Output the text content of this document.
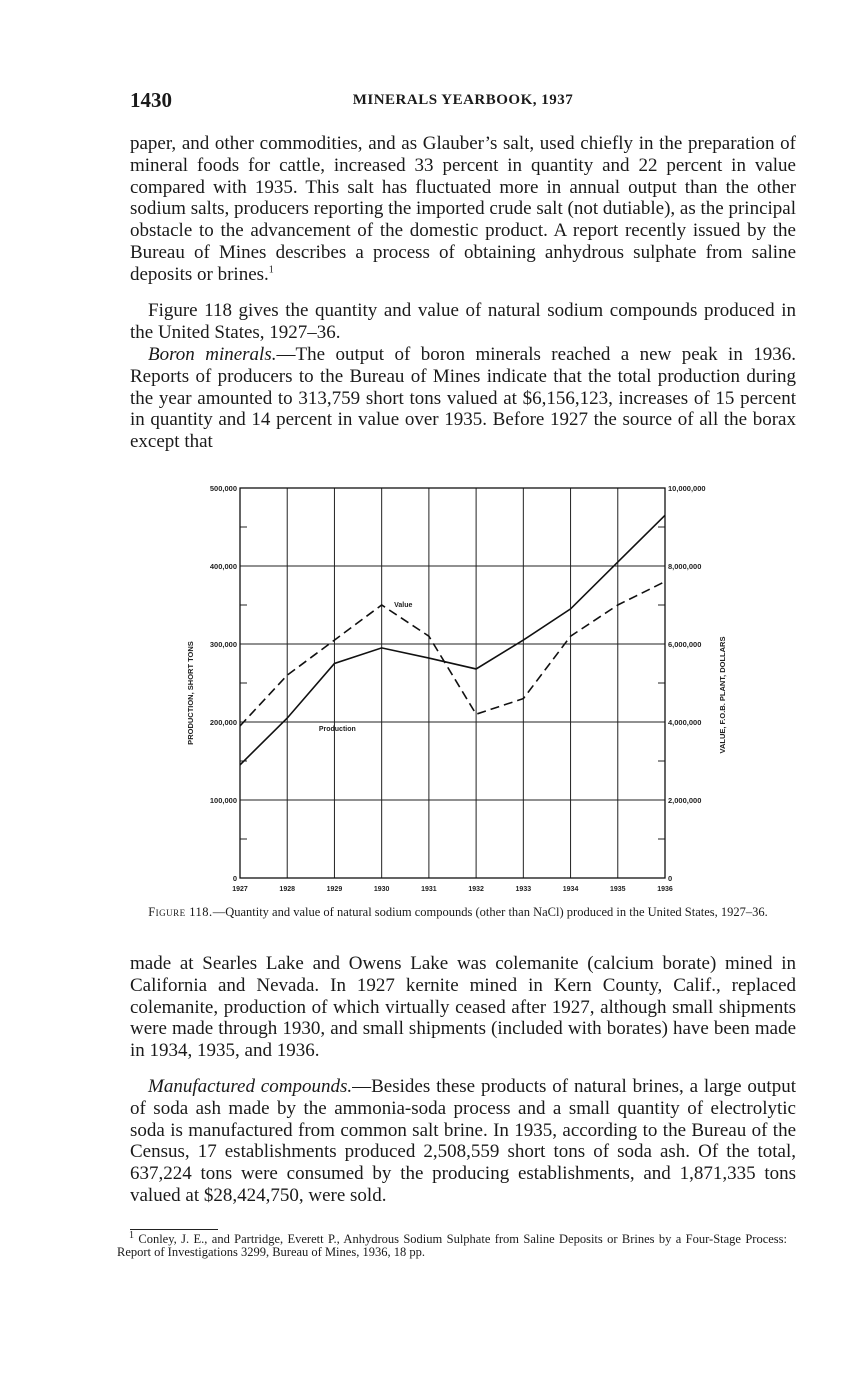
1430	MINERALS YEARBOOK, 1937

paper, and other commodities, and as Glauber’s salt, used chiefly in the preparation of mineral foods for cattle, increased 33 percent in quantity and 22 percent in value compared with 1935. This salt has fluctuated more in annual output than the other sodium salts, producers reporting the imported crude salt (not dutiable), as the principal obstacle to the advancement of the domestic product. A report recently issued by the Bureau of Mines describes a process of obtaining anhydrous sulphate from saline deposits or brines.$^1$

Figure 118 gives the quantity and value of natural sodium compounds produced in the United States, 1927–36.

Boron minerals.—The output of boron minerals reached a new peak in 1936. Reports of producers to the Bureau of Mines indicate that the total production during the year amounted to 313,759 short tons valued at $6,156,123, increases of 15 percent in quantity and 14 percent in value over 1935. Before 1927 the source of all the borax except that

0
100,000
200,000
300,000
400,000
500,000
0
2,000,000
4,000,000
6,000,000
8,000,000
10,000,000
1927	1928	1929	1930	1931	1932	1933	1934	1935	1936
PRODUCTION, SHORT TONS	VALUE, F.O.B. PLANT, DOLLARS
Production
Value

Figure 118.—Quantity and value of natural sodium compounds (other than NaCl) produced in the United States, 1927–36.

made at Searles Lake and Owens Lake was colemanite (calcium borate) mined in California and Nevada. In 1927 kernite mined in Kern County, Calif., replaced colemanite, production of which virtually ceased after 1927, although small shipments were made through 1930, and small shipments (included with borates) have been made in 1934, 1935, and 1936.

Manufactured compounds.—Besides these products of natural brines, a large output of soda ash made by the ammonia-soda process and a small quantity of electrolytic soda is manufactured from common salt brine. In 1935, according to the Bureau of the Census, 17 establishments produced 2,508,559 short tons of soda ash. Of the total, 637,224 tons were consumed by the producing establishments, and 1,871,335 tons valued at $28,424,750, were sold.

$^1$ Conley, J. E., and Partridge, Everett P., Anhydrous Sodium Sulphate from Saline Deposits or Brines by a Four-Stage Process: Report of Investigations 3299, Bureau of Mines, 1936, 18 pp.
